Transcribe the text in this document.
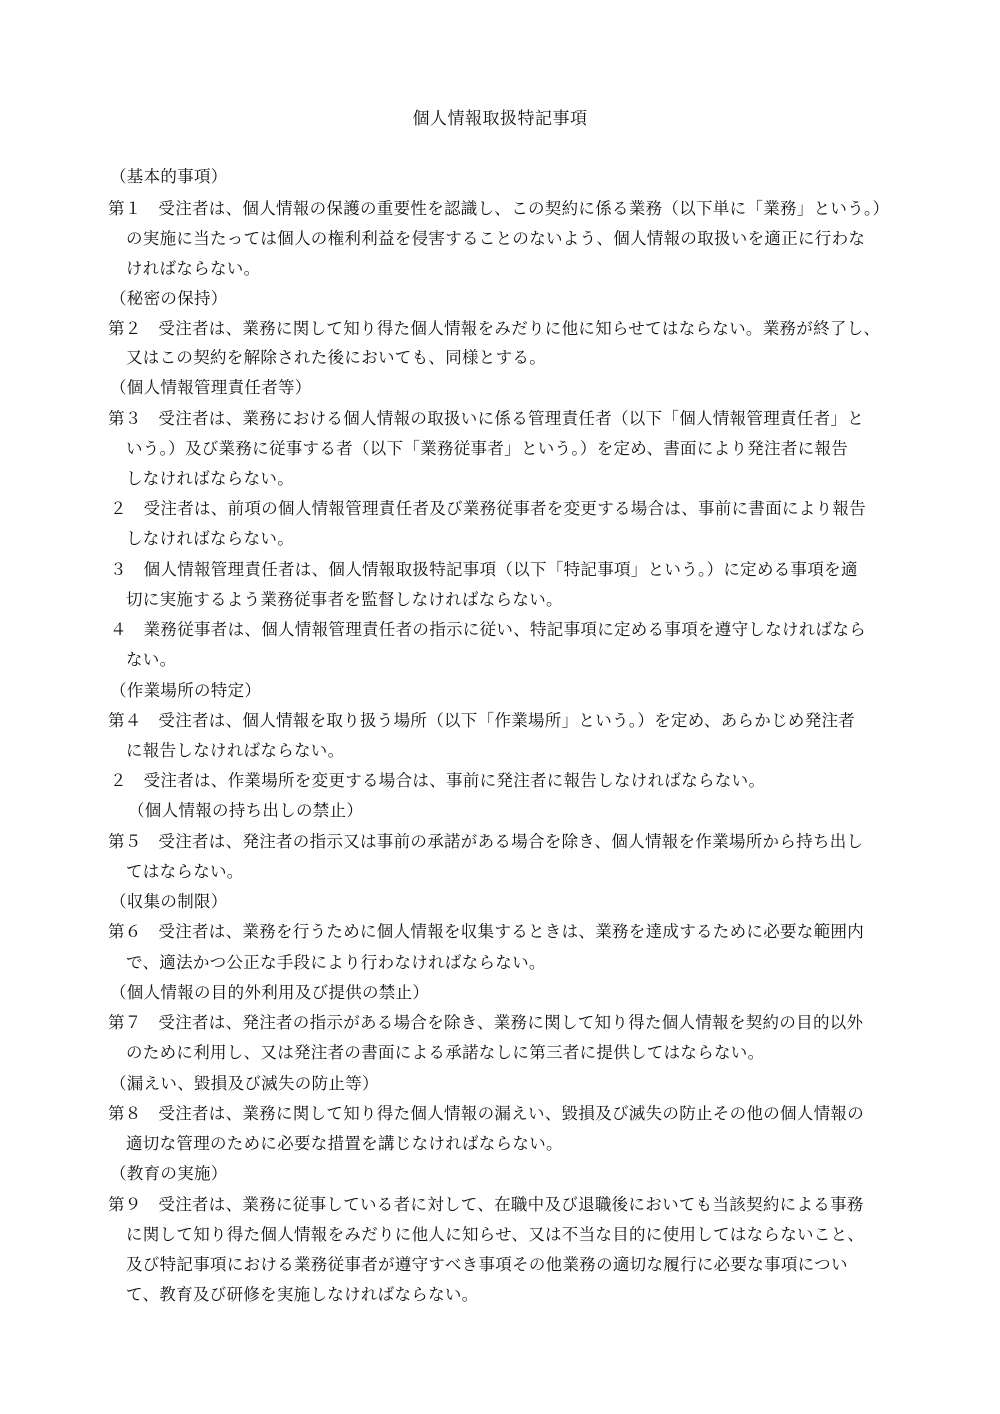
個人情報取扱特記事項
（基本的事項）
第１　受注者は、個人情報の保護の重要性を認識し、この契約に係る業務（以下単に「業務」という。）
の実施に当たっては個人の権利利益を侵害することのないよう、個人情報の取扱いを適正に行わな
ければならない。
（秘密の保持）
第２　受注者は、業務に関して知り得た個人情報をみだりに他に知らせてはならない。業務が終了し、
又はこの契約を解除された後においても、同様とする。
（個人情報管理責任者等）
第３　受注者は、業務における個人情報の取扱いに係る管理責任者（以下「個人情報管理責任者」と
いう。）及び業務に従事する者（以下「業務従事者」という。）を定め、書面により発注者に報告
しなければならない。
２　受注者は、前項の個人情報管理責任者及び業務従事者を変更する場合は、事前に書面により報告
しなければならない。
３　個人情報管理責任者は、個人情報取扱特記事項（以下「特記事項」という。）に定める事項を適
切に実施するよう業務従事者を監督しなければならない。
４　業務従事者は、個人情報管理責任者の指示に従い、特記事項に定める事項を遵守しなければなら
ない。
（作業場所の特定）
第４　受注者は、個人情報を取り扱う場所（以下「作業場所」という。）を定め、あらかじめ発注者
に報告しなければならない。
２　受注者は、作業場所を変更する場合は、事前に発注者に報告しなければならない。
（個人情報の持ち出しの禁止）
第５　受注者は、発注者の指示又は事前の承諾がある場合を除き、個人情報を作業場所から持ち出し
てはならない。
（収集の制限）
第６　受注者は、業務を行うために個人情報を収集するときは、業務を達成するために必要な範囲内
で、適法かつ公正な手段により行わなければならない。
（個人情報の目的外利用及び提供の禁止）
第７　受注者は、発注者の指示がある場合を除き、業務に関して知り得た個人情報を契約の目的以外
のために利用し、又は発注者の書面による承諾なしに第三者に提供してはならない。
（漏えい、毀損及び滅失の防止等）
第８　受注者は、業務に関して知り得た個人情報の漏えい、毀損及び滅失の防止その他の個人情報の
適切な管理のために必要な措置を講じなければならない。
（教育の実施）
第９　受注者は、業務に従事している者に対して、在職中及び退職後においても当該契約による事務
に関して知り得た個人情報をみだりに他人に知らせ、又は不当な目的に使用してはならないこと、
及び特記事項における業務従事者が遵守すべき事項その他業務の適切な履行に必要な事項につい
て、教育及び研修を実施しなければならない。
